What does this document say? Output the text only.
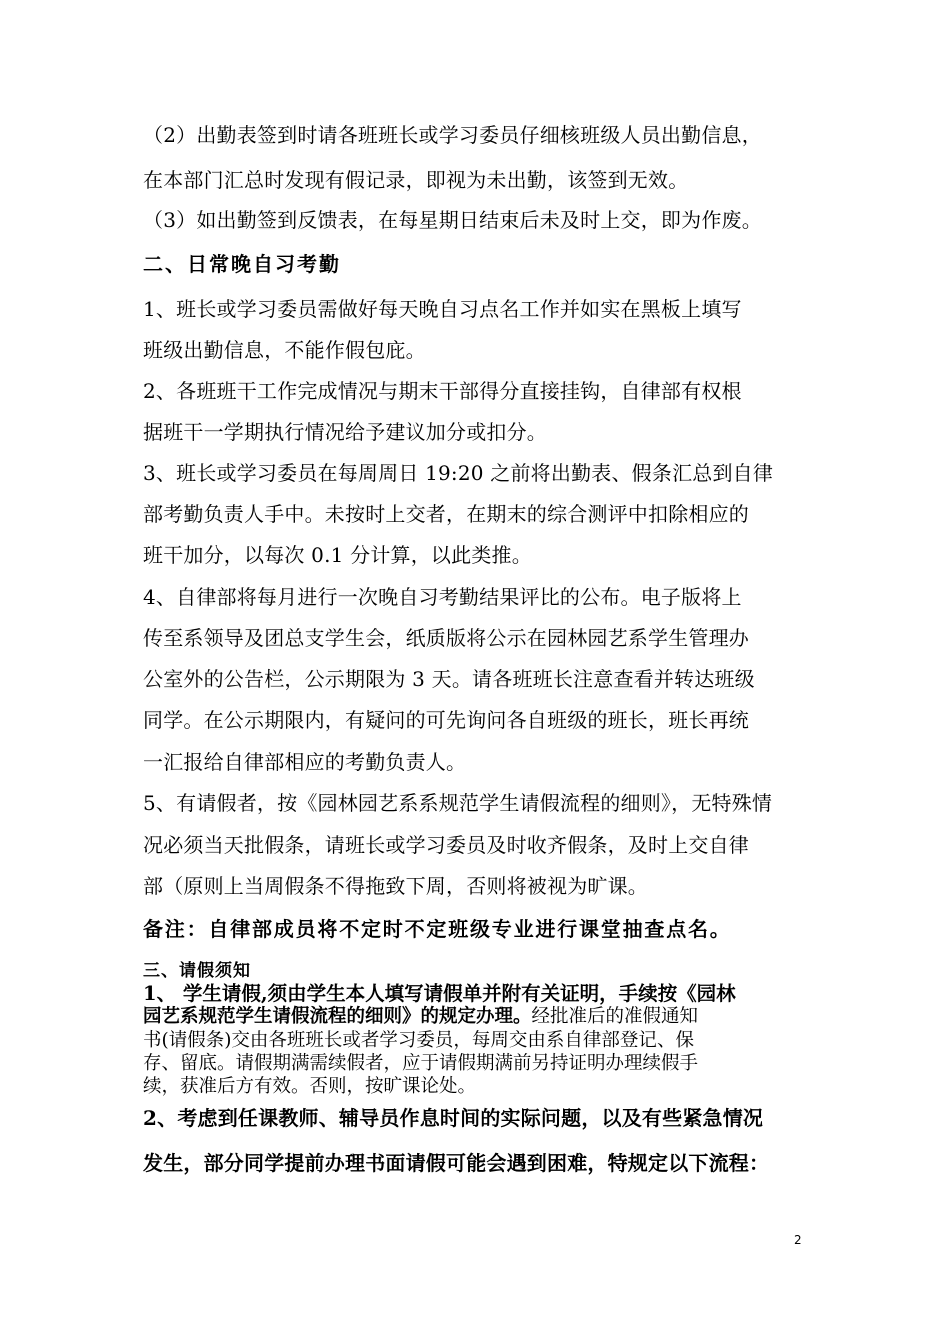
（2）出勤表签到时请各班班长或学习委员仔细核班级人员出勤信息，
在本部门汇总时发现有假记录，即视为未出勤，该签到无效。
（3）如出勤签到反馈表，在每星期日结束后未及时上交，即为作废。
二、日常晚自习考勤
1、班长或学习委员需做好每天晚自习点名工作并如实在黑板上填写
班级出勤信息，不能作假包庇。
2、各班班干工作完成情况与期末干部得分直接挂钩，自律部有权根
据班干一学期执行情况给予建议加分或扣分。
3、班长或学习委员在每周周日 19:20 之前将出勤表、假条汇总到自律
部考勤负责人手中。未按时上交者，在期末的综合测评中扣除相应的
班干加分，以每次 0.1 分计算，以此类推。
4、自律部将每月进行一次晚自习考勤结果评比的公布。电子版将上
传至系领导及团总支学生会，纸质版将公示在园林园艺系学生管理办
公室外的公告栏，公示期限为 3 天。请各班班长注意查看并转达班级
同学。在公示期限内，有疑问的可先询问各自班级的班长，班长再统
一汇报给自律部相应的考勤负责人。
5、有请假者，按《园林园艺系系规范学生请假流程的细则》，无特殊情
况必须当天批假条，请班长或学习委员及时收齐假条，及时上交自律
部（原则上当周假条不得拖致下周，否则将被视为旷课。
备注：自律部成员将不定时不定班级专业进行课堂抽查点名。
三、请假须知
1、 学生请假,须由学生本人填写请假单并附有关证明，手续按《园林
园艺系规范学生请假流程的细则》的规定办理。经批准后的准假通知
书(请假条)交由各班班长或者学习委员，每周交由系自律部登记、保
存、留底。请假期满需续假者，应于请假期满前另持证明办理续假手
续，获准后方有效。否则，按旷课论处。
2、考虑到任课教师、辅导员作息时间的实际问题，以及有些紧急情况
发生，部分同学提前办理书面请假可能会遇到困难，特规定以下流程：
2
